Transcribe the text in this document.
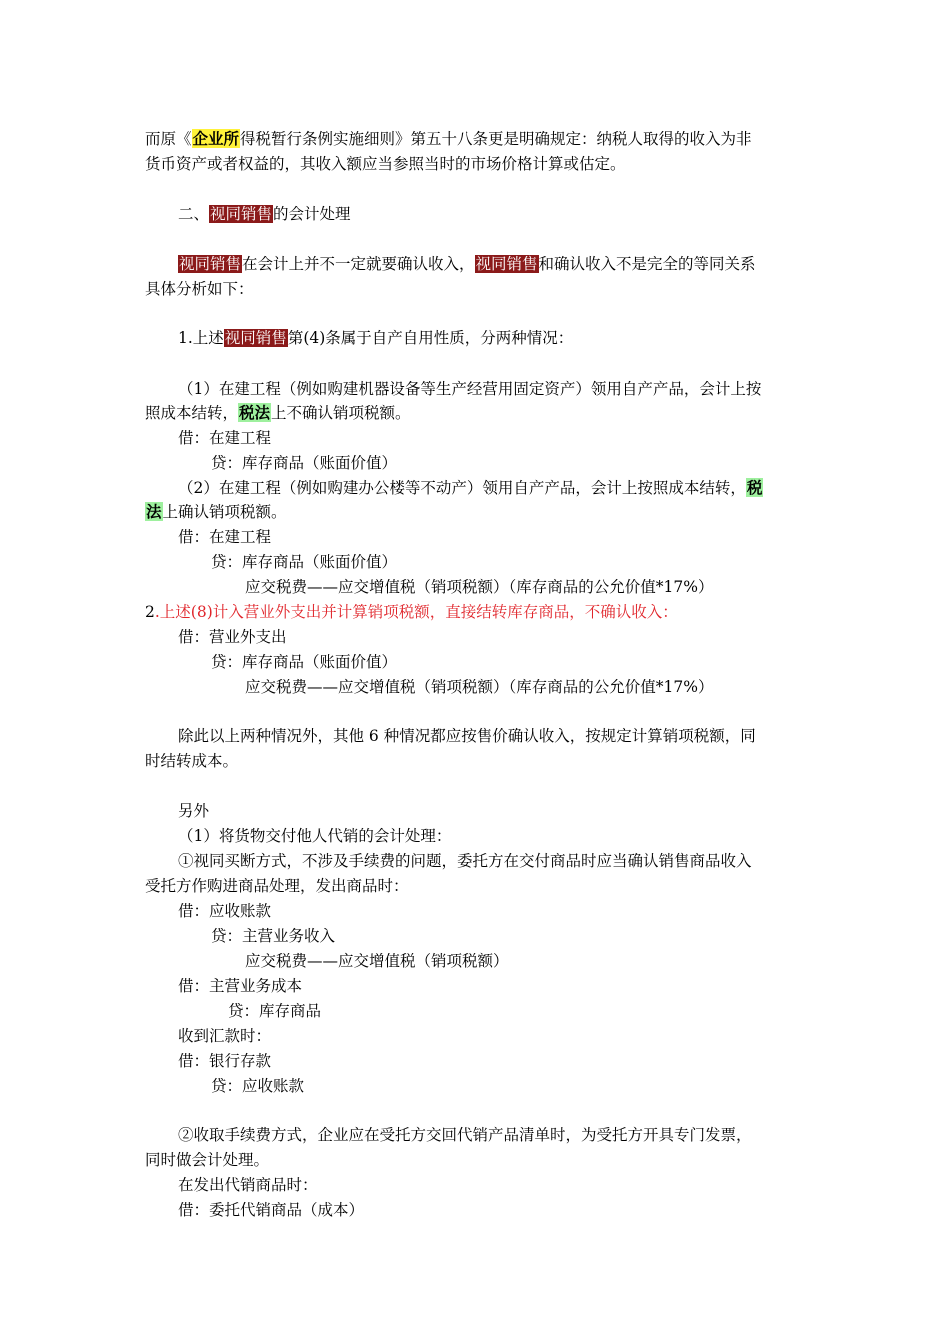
而原《企业所得税暂行条例实施细则》第五十八条更是明确规定：纳税人取得的收入为非
货币资产或者权益的，其收入额应当参照当时的市场价格计算或估定。
二、视同销售的会计处理
视同销售在会计上并不一定就要确认收入，视同销售和确认收入不是完全的等同关系
具体分析如下：
1.上述视同销售第(4)条属于自产自用性质，分两种情况：
（1）在建工程（例如购建机器设备等生产经营用固定资产）领用自产产品，会计上按
照成本结转，税法上不确认销项税额。
借：在建工程
贷：库存商品（账面价值）
（2）在建工程（例如购建办公楼等不动产）领用自产产品，会计上按照成本结转，税
法上确认销项税额。
借：在建工程
贷：库存商品（账面价值）
应交税费——应交增值税（销项税额）（库存商品的公允价值*17%）
2.上述(8)计入营业外支出并计算销项税额，直接结转库存商品，不确认收入：
借：营业外支出
贷：库存商品（账面价值）
应交税费——应交增值税（销项税额）（库存商品的公允价值*17%）
除此以上两种情况外，其他 6 种情况都应按售价确认收入，按规定计算销项税额，同
时结转成本。
另外
（1）将货物交付他人代销的会计处理：
①视同买断方式，不涉及手续费的问题，委托方在交付商品时应当确认销售商品收入
受托方作购进商品处理，发出商品时：
借：应收账款
贷：主营业务收入
应交税费——应交增值税（销项税额）
借：主营业务成本
贷：库存商品
收到汇款时：
借：银行存款
贷：应收账款
②收取手续费方式，企业应在受托方交回代销产品清单时，为受托方开具专门发票，
同时做会计处理。
在发出代销商品时：
借：委托代销商品（成本）
